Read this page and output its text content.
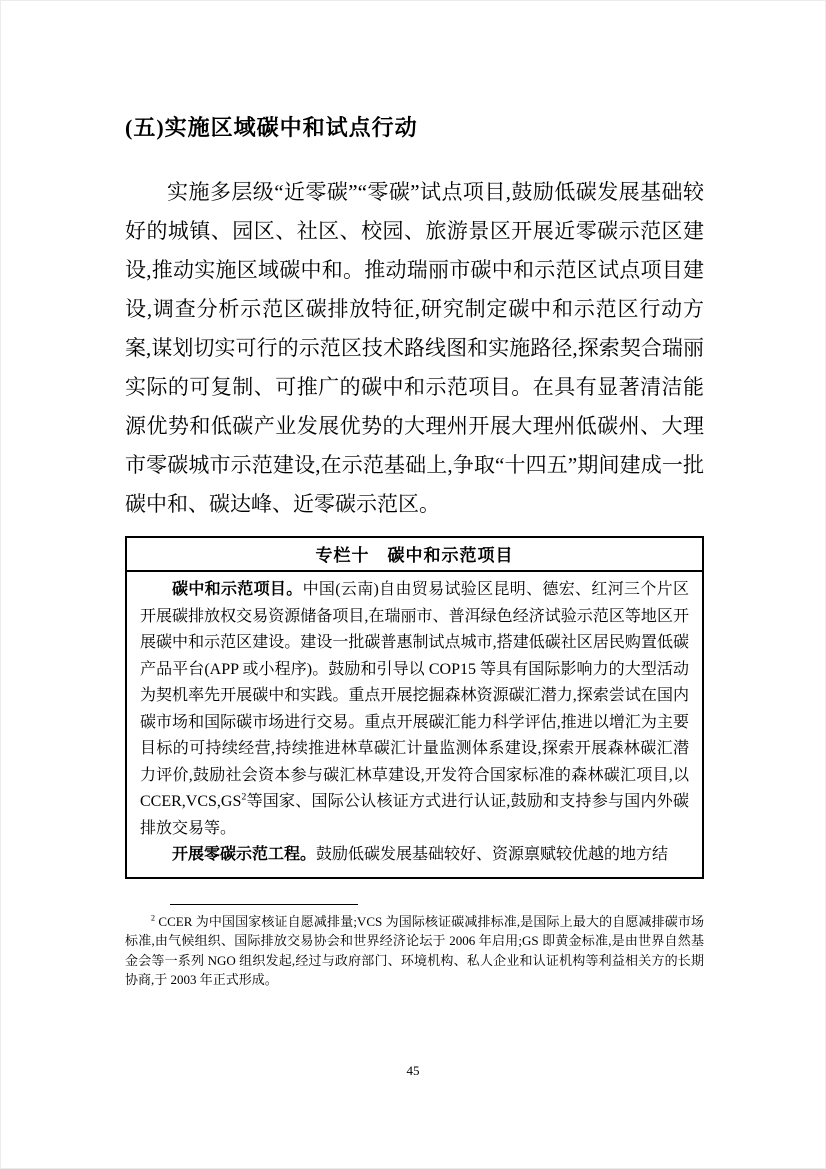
(五)实施区域碳中和试点行动

实施多层级“近零碳”“零碳”试点项目,鼓励低碳发展基础较好的城镇、园区、社区、校园、旅游景区开展近零碳示范区建设,推动实施区域碳中和。推动瑞丽市碳中和示范区试点项目建设,调查分析示范区碳排放特征,研究制定碳中和示范区行动方案,谋划切实可行的示范区技术路线图和实施路径,探索契合瑞丽实际的可复制、可推广的碳中和示范项目。在具有显著清洁能源优势和低碳产业发展优势的大理州开展大理州低碳州、大理市零碳城市示范建设,在示范基础上,争取“十四五”期间建成一批碳中和、碳达峰、近零碳示范区。

专栏十　碳中和示范项目

碳中和示范项目。中国(云南)自由贸易试验区昆明、德宏、红河三个片区开展碳排放权交易资源储备项目,在瑞丽市、普洱绿色经济试验示范区等地区开展碳中和示范区建设。建设一批碳普惠制试点城市,搭建低碳社区居民购置低碳产品平台(APP 或小程序)。鼓励和引导以 COP15 等具有国际影响力的大型活动为契机率先开展碳中和实践。重点开展挖掘森林资源碳汇潜力,探索尝试在国内碳市场和国际碳市场进行交易。重点开展碳汇能力科学评估,推进以增汇为主要目标的可持续经营,持续推进林草碳汇计量监测体系建设,探索开展森林碳汇潜力评价,鼓励社会资本参与碳汇林草建设,开发符合国家标准的森林碳汇项目,以 $CCER,VCS,GS^2$等国家、国际公认核证方式进行认证,鼓励和支持参与国内外碳排放交易等。

开展零碳示范工程。鼓励低碳发展基础较好、资源禀赋较优越的地方结

$^2$ CCER 为中国国家核证自愿减排量;VCS 为国际核证碳减排标准,是国际上最大的自愿减排碳市场标准,由气候组织、国际排放交易协会和世界经济论坛于 2006 年启用;GS 即黄金标准,是由世界自然基金会等一系列 NGO 组织发起,经过与政府部门、环境机构、私人企业和认证机构等利益相关方的长期协商,于 2003 年正式形成。

45
